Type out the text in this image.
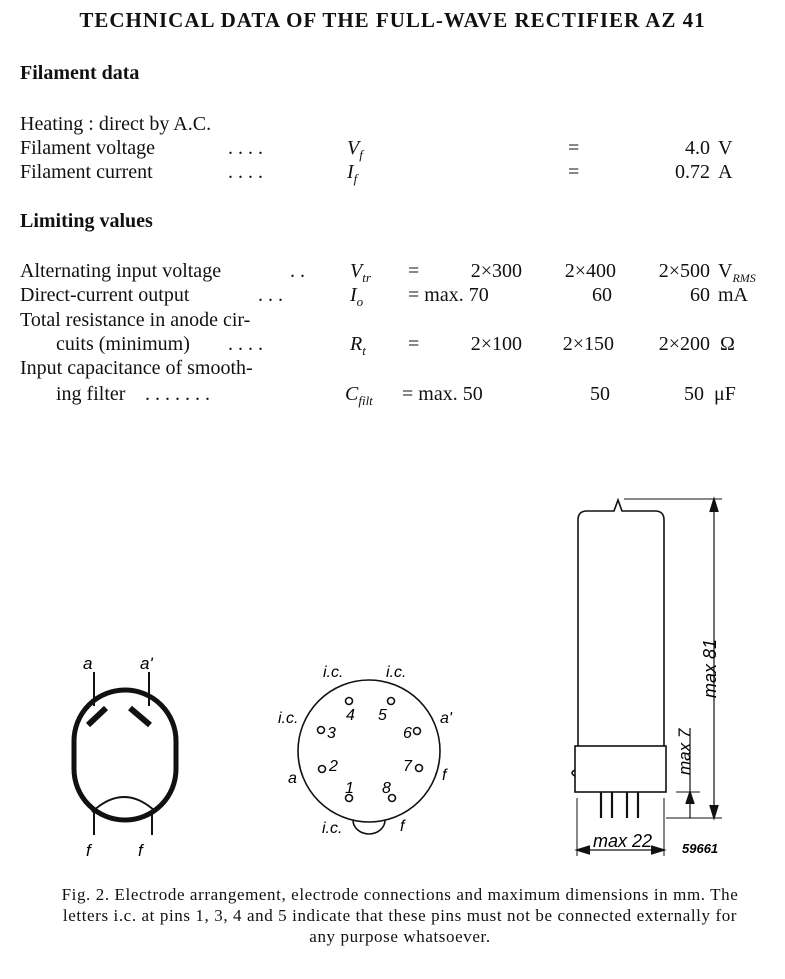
TECHNICAL DATA OF THE FULL-WAVE RECTIFIER AZ 41
Filament data
Heating : direct by A.C.
Filament voltage	. . . .	$V_f$	=	4.0 V
Filament current	. . . .	$I_f$	=	0.72 A
Limiting values
Alternating input voltage	. . $V_{tr}$ =	2×300	2×400	2×500 $V_{RMS}$
Direct-current output	. . .	$I_o = \max$. 70	60	60 mA
Total resistance in anode cir-
cuits (minimum) . . . .	$R_t$ =	2×100	2×150	2×200 Ω
Input capacitance of smooth-
ing filter . . . . . . .	$C_{filt} = \max$. 50	50	50 μF
a	a'
f	f
i.c.	i.c.
i.c.	a'
a	f
i.c.	f
1
2
3
4 5
6
7
8
max 81
max 7
max 22 59661
Fig. 2. Electrode arrangement, electrode connections and maximum dimensions in mm. The letters i.c. at pins 1, 3, 4 and 5 indicate that these pins must not be connected externally for any purpose whatsoever.
